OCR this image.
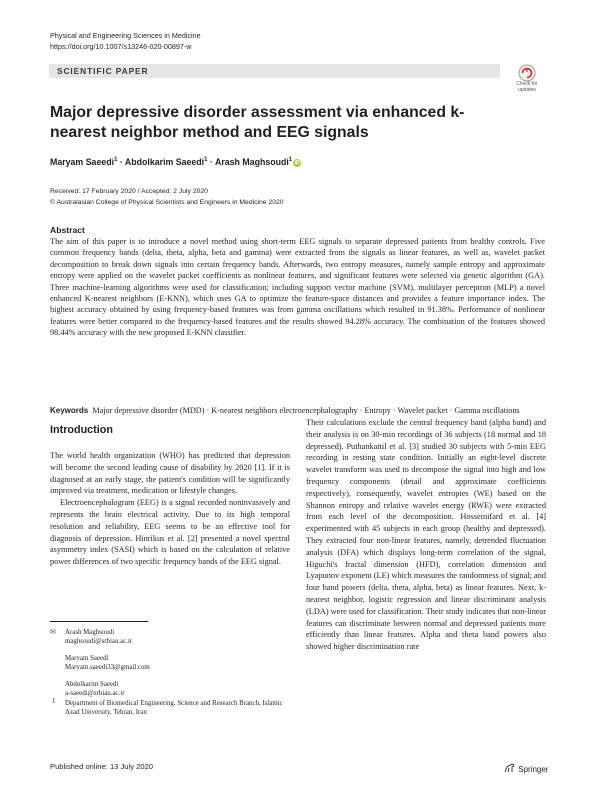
Physical and Engineering Sciences in Medicine
https://doi.org/10.1007/s13246-020-00897-w
SCIENTIFIC PAPER
Check for updates
Major depressive disorder assessment via enhanced k-nearest neighbor method and EEG signals
Maryam Saeedi$^1$ · Abdolkarim Saeedi$^1$ · Arash Maghsoudi$^1$ iD
Received: 17 February 2020 / Accepted: 2 July 2020
© Australasian College of Physical Scientists and Engineers in Medicine 2020
Abstract
The aim of this paper is to introduce a novel method using short-term EEG signals to separate depressed patients from healthy controls. Five common frequency bands (delta, theta, alpha, beta and gamma) were extracted from the signals as linear features, as well as, wavelet packet decomposition to break down signals into certain frequency bands. Afterwards, two entropy measures, namely sample entropy and approximate entropy were applied on the wavelet packet coefficients as nonlinear features, and significant features were selected via genetic algorithm (GA). Three machine-learning algorithms were used for classification; including support vector machine (SVM), multilayer perceptron (MLP) a novel enhanced K-nearest neighbors (E-KNN), which uses GA to optimize the feature-space distances and provides a feature importance index. The highest accuracy obtained by using frequency-based features was from gamma oscillations which resulted in 91.38%. Performance of nonlinear features were better compared to the frequency-based features and the results showed 94.28% accuracy. The combination of the features showed 98.44% accuracy with the new proposed E-KNN classifier.
Keywords Major depressive disorder (MDD) · K-nearest neighbors electroencephalography · Entropy · Wavelet packet · Gamma oscillations
Introduction

The world health organization (WHO) has predicted that depression will become the second leading cause of disability by 2020 [1]. If it is diagnosed at an early stage, the patient's condition will be significantly improved via treatment, medication or lifestyle changes.

Electroencephalogram (EEG) is a signal recorded noninvasively and represents the brain electrical activity. Due to its high temporal resolution and reliability, EEG seems to be an effective tool for diagnosis of depression. Hinrikus et al. [2] presented a novel spectral asymmetry index (SASI) which is based on the calculation of relative power differences of two specific frequency bands of the EEG signal.

Their calculations exclude the central frequency band (alpha band) and their analysis is on 30-min recordings of 36 subjects (18 normal and 18 depressed). Puthankattil et al. [3] studied 30 subjects with 5-min EEG recording in resting state condition. Initially an eight-level discrete wavelet transform was used to decompose the signal into high and low frequency components (detail and approximate coefficients respectively), consequently, wavelet entropies (WE) based on the Shannon entropy and relative wavelet energy (RWE) were extracted from each level of the decomposition. Hosseinifard et al. [4] experimented with 45 subjects in each group (healthy and depressed). They extracted four non-linear features, namely, detrended fluctuation analysis (DFA) which displays long-term correlation of the signal, Higuchi's fractal dimension (HFD), correlation dimension and Lyapunov exponent (LE) which measures the randomness of signal; and four band powers (delta, theta, alpha, beta) as linear features. Next, k-nearest neighbor, logistic regression and linear discriminant analysis (LDA) were used for classification. Their study indicates that non-linear features can discriminate between normal and depressed patients more efficiently than linear features. Alpha and theta band powers also showed higher discrimination rate

✉	Arash Maghsoudi
maghsoudi@srbiau.ac.ir
Maryam Saeedi
Maryam.saeedi33@gmail.com
Abdolkarim Saeedi
a-saeedi@srbiau.ac.ir
1 Department of Biomedical Engineering, Science and Research Branch, Islamic Azad University, Tehran, Iran
Published online: 13 July 2020	Springer
